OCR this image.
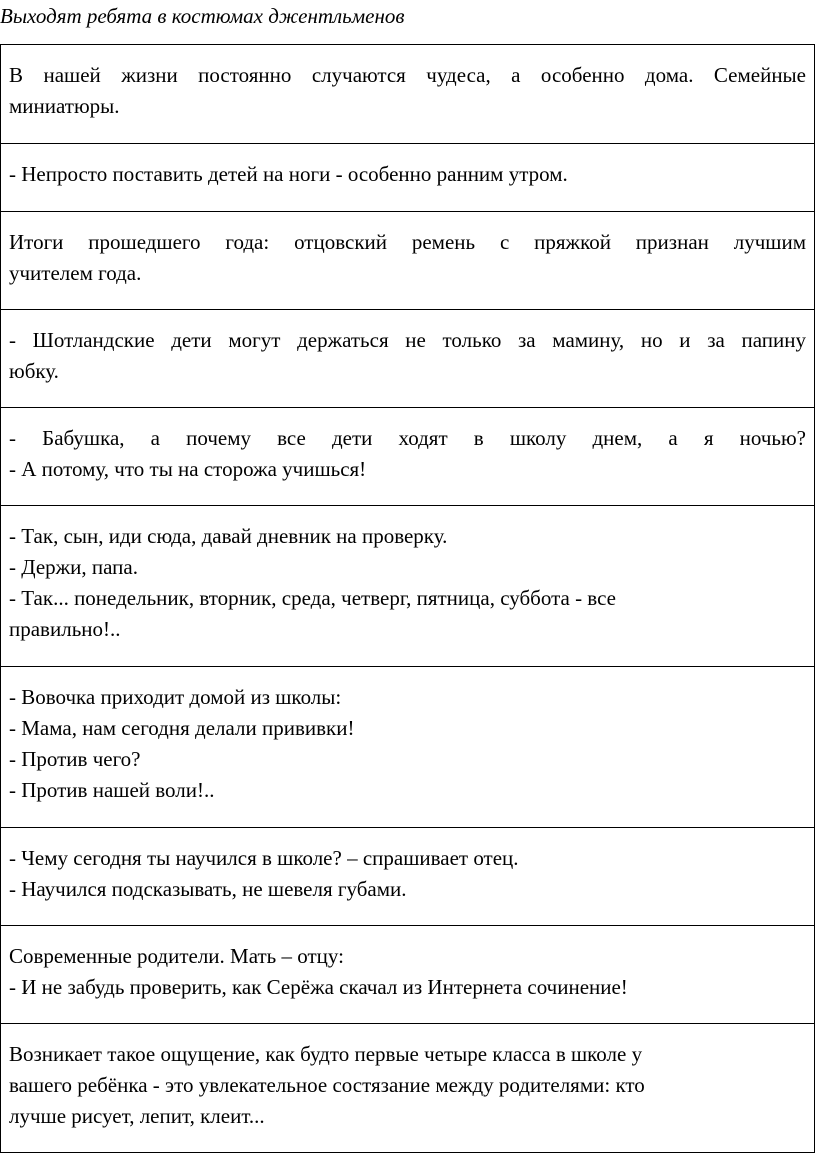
Выходят ребята в костюмах джентльменов
В нашей жизни постоянно случаются чудеса, а особенно дома. Семейные
миниатюры.
- Непросто поставить детей на ноги - особенно ранним утром.
Итоги прошедшего года: отцовский ремень с пряжкой признан лучшим
учителем года.
- Шотландские дети могут держаться не только за мамину, но и за папину
юбку.
- Бабушка, а почему все дети ходят в школу днем, а я ночью?
- А потому, что ты на сторожа учишься!
- Так, сын, иди сюда, давай дневник на проверку.
- Держи, папа.
- Так... понедельник, вторник, среда, четверг, пятница, суббота - все
правильно!..
- Вовочка приходит домой из школы:
- Мама, нам сегодня делали прививки!
- Против чего?
- Против нашей воли!..
- Чему сегодня ты научился в школе? – спрашивает отец.
- Научился подсказывать, не шевеля губами.
Современные родители. Мать – отцу:
- И не забудь проверить, как Серёжа скачал из Интернета сочинение!
Возникает такое ощущение, как будто первые четыре класса в школе у
вашего ребёнка - это увлекательное состязание между родителями: кто
лучше рисует, лепит, клеит...
